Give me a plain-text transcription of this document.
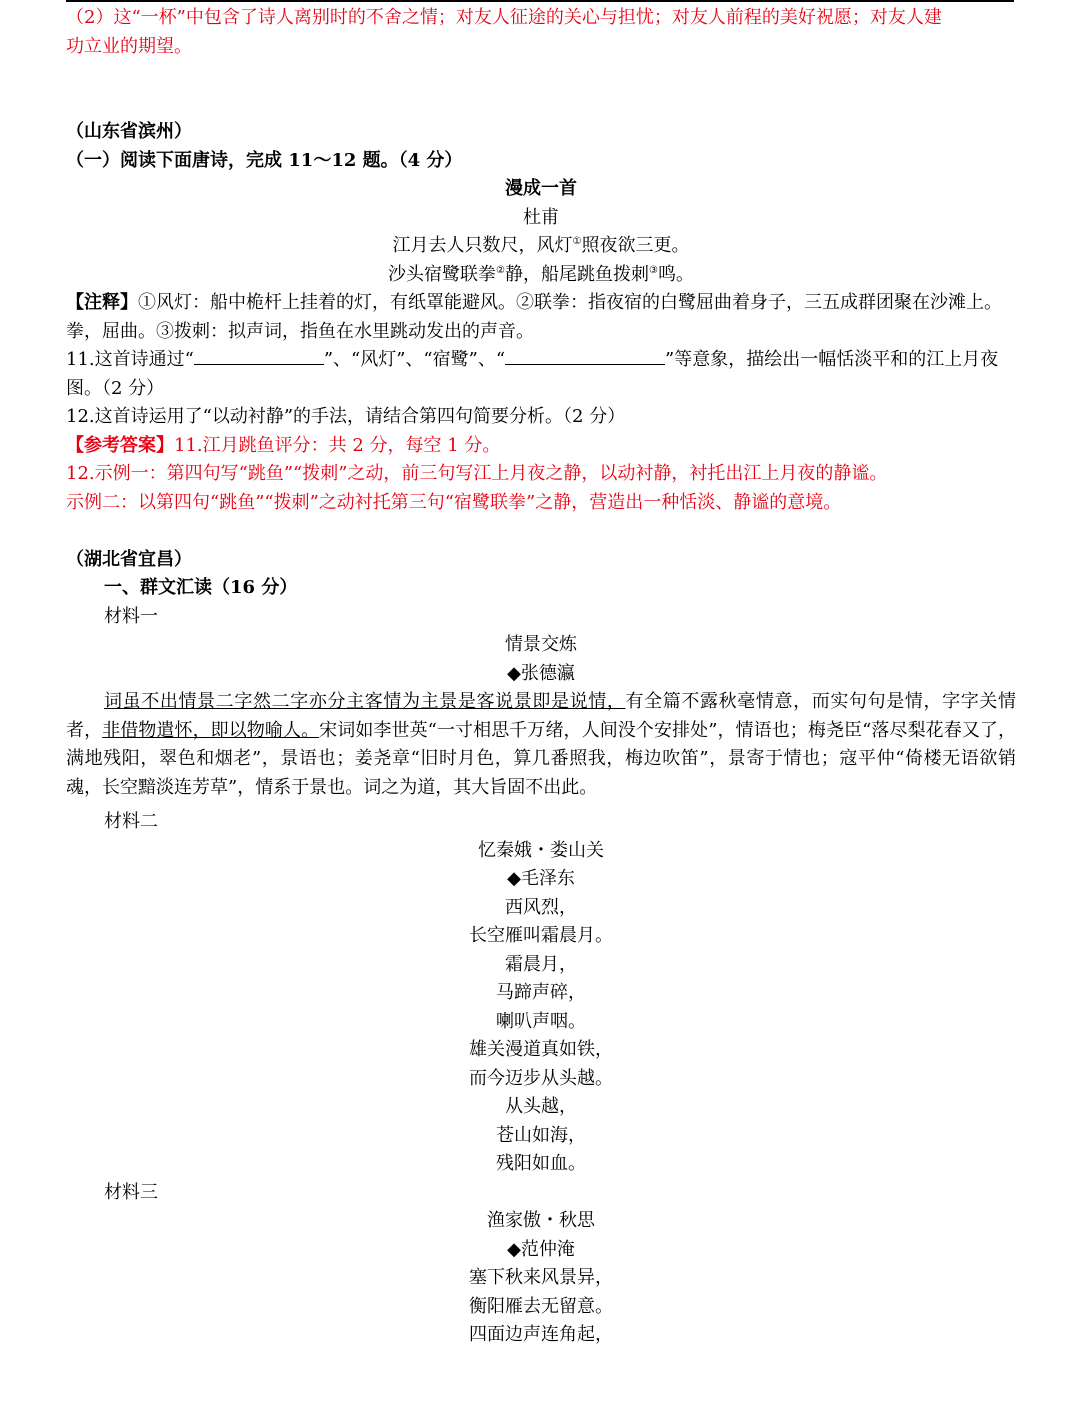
（2）这“一杯”中包含了诗人离别时的不舍之情；对友人征途的关心与担忧；对友人前程的美好祝愿；对友人建
功立业的期望。
（山东省滨州）
（一）阅读下面唐诗，完成 11～12 题。（4 分）
漫成一首
杜甫
江月去人只数尺，风灯①照夜欲三更。
沙头宿鹭联拳②静，船尾跳鱼拨刺③鸣。
【注释】①风灯：船中桅杆上挂着的灯，有纸罩能避风。②联拳：指夜宿的白鹭屈曲着身子，三五成群团聚在沙滩上。拳，屈曲。③拨刺：拟声词，指鱼在水里跳动发出的声音。
11.这首诗通过“	”、“风灯”、“宿鹭”、“	”等意象，描绘出一幅恬淡平和的江上月夜图。（2 分）
12.这首诗运用了“以动衬静”的手法，请结合第四句简要分析。（2 分）
【参考答案】11.江月跳鱼评分：共 2 分，每空 1 分。
12.示例一：第四句写“跳鱼”“拨刺”之动，前三句写江上月夜之静，以动衬静，衬托出江上月夜的静谧。
示例二：以第四句“跳鱼”“拨刺”之动衬托第三句“宿鹭联拳”之静，营造出一种恬淡、静谧的意境。
（湖北省宜昌）
一、群文汇读（16 分）
材料一
情景交炼
◆张德瀛
词虽不出情景二字然二字亦分主客情为主景是客说景即是说情，有全篇不露秋毫情意，而实句句是情，字字关情者，非借物遣怀，即以物喻人。宋词如李世英“一寸相思千万绪，人间没个安排处”，情语也；梅尧臣“落尽梨花春又了，满地残阳，翠色和烟老”，景语也；姜尧章“旧时月色，算几番照我，梅边吹笛”，景寄于情也；寇平仲“倚楼无语欲销魂，长空黯淡连芳草”，情系于景也。词之为道，其大旨固不出此。
材料二
忆秦娥・娄山关
◆毛泽东
西风烈，
长空雁叫霜晨月。
霜晨月，
马蹄声碎，
喇叭声咽。
雄关漫道真如铁，
而今迈步从头越。
从头越，
苍山如海，
残阳如血。
材料三
渔家傲・秋思
◆范仲淹
塞下秋来风景异，
衡阳雁去无留意。
四面边声连角起，
